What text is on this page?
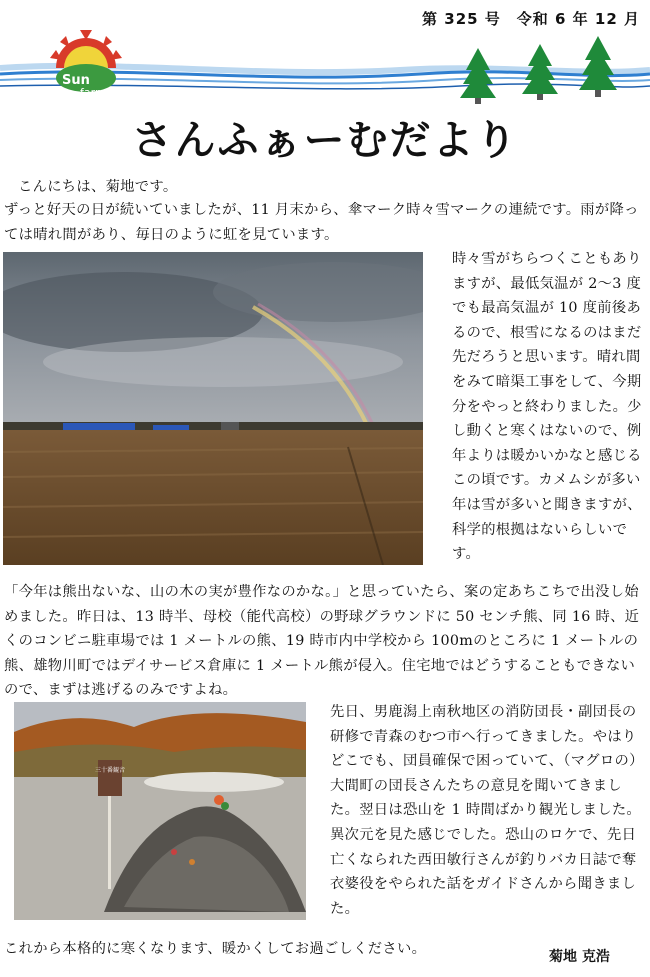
第 325 号　令和 6 年 12 月
Sun
farm
さんふぁーむだより
こんにちは、菊地です。
ずっと好天の日が続いていましたが、11 月末から、傘マーク時々雪マークの連続です。雨が降っては晴れ間があり、毎日のように虹を見ています。
時々雪がちらつくこともありますが、最低気温が 2～3 度でも最高気温が 10 度前後あるので、根雪になるのはまだ先だろうと思います。晴れ間をみて暗渠工事をして、今期分をやっと終わりました。少し動くと寒くはないので、例年よりは暖かいかなと感じるこの頃です。カメムシが多い年は雪が多いと聞きますが、科学的根拠はないらしいです。
「今年は熊出ないな、山の木の実が豊作なのかな。」と思っていたら、案の定あちこちで出没し始めました。昨日は、13 時半、母校（能代高校）の野球グラウンドに 50 センチ熊、同 16 時、近くのコンビニ駐車場では 1 メートルの熊、19 時市内中学校から 100mのところに 1 メートルの熊、雄物川町ではデイサービス倉庫に 1 メートル熊が侵入。住宅地ではどうすることもできないので、まずは逃げるのみですよね。
三十番観音
先日、男鹿潟上南秋地区の消防団長・副団長の研修で青森のむつ市へ行ってきました。やはりどこでも、団員確保で困っていて、（マグロの）大間町の団長さんたちの意見を聞いてきました。翌日は恐山を 1 時間ばかり観光しました。異次元を見た感じでした。恐山のロケで、先日亡くなられた西田敏行さんが釣りバカ日誌で奪衣婆役をやられた話をガイドさんから聞きました。
これから本格的に寒くなります、暖かくしてお過ごしください。	菊地 克浩
